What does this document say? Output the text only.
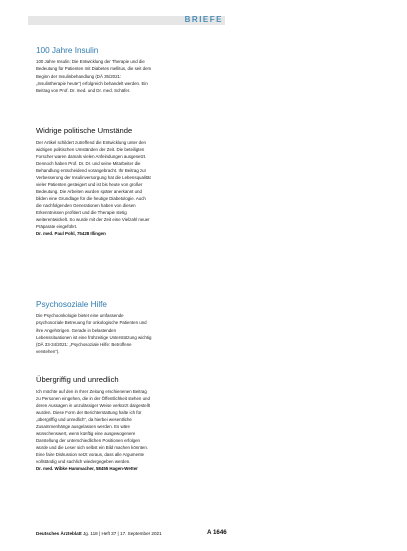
BRIEFE
100 Jahre Insulin

100 Jahre Insulin: Die Entwicklung der Therapie und die Bedeutung für Patienten mit Diabetes mellitus, die seit dem Beginn der Insulinbehandlung (DÄ 35/2021: „Insulintherapie heute“) erfolgreich behandelt werden. Ein Beitrag von Prof. Dr. med. und Dr. med. Schäfer.

Widrige politische Umstände

Der Artikel schildert zutreffend die Entwicklung unter den widrigen politischen Umständen der Zeit. Die beteiligten Forscher waren damals vielen Anfeindungen ausgesetzt. Dennoch haben Prof. Dr. Dr. und seine Mitarbeiter die Behandlung entscheidend vorangebracht. Ihr Beitrag zur Verbesserung der Insulinversorgung hat die Lebensqualität vieler Patienten gesteigert und ist bis heute von großer Bedeutung. Die Arbeiten wurden später anerkannt und bilden eine Grundlage für die heutige Diabetologie. Auch die nachfolgenden Generationen haben von diesen Erkenntnissen profitiert und die Therapie stetig weiterentwickelt. So wurde mit der Zeit eine Vielzahl neuer Präparate eingeführt.

Dr. med. Paul Pohl, 75428 Illingen

Psychosoziale Hilfe

Die Psychoonkologie bietet eine umfassende psychosoziale Betreuung für onkologische Patienten und ihre Angehörigen. Gerade in belastenden Lebenssituationen ist eine frühzeitige Unterstützung wichtig (DÄ 33-34/2021: „Psychosoziale Hilfe: Betroffene verstehen“).

Übergriffig und unredlich

Ich möchte auf den in Ihrer Zeitung erschienenen Beitrag zu Personen eingehen, die in der Öffentlichkeit stehen und deren Aussagen in unzulässiger Weise verkürzt dargestellt wurden. Diese Form der Berichterstattung halte ich für „übergriffig und unredlich“, da hierbei wesentliche Zusammenhänge ausgelassen werden. Es wäre wünschenswert, wenn künftig eine ausgewogenere Darstellung der unterschiedlichen Positionen erfolgen würde und die Leser sich selbst ein Bild machen könnten. Eine faire Diskussion setzt voraus, dass alle Argumente vollständig und sachlich wiedergegeben werden.

Dr. med. Wibke Hammacher, 58455 Hagen-Wetter

Deutsches Ärzteblatt Jg. 118 | Heft 37 | 17. September 2021	A 1646
